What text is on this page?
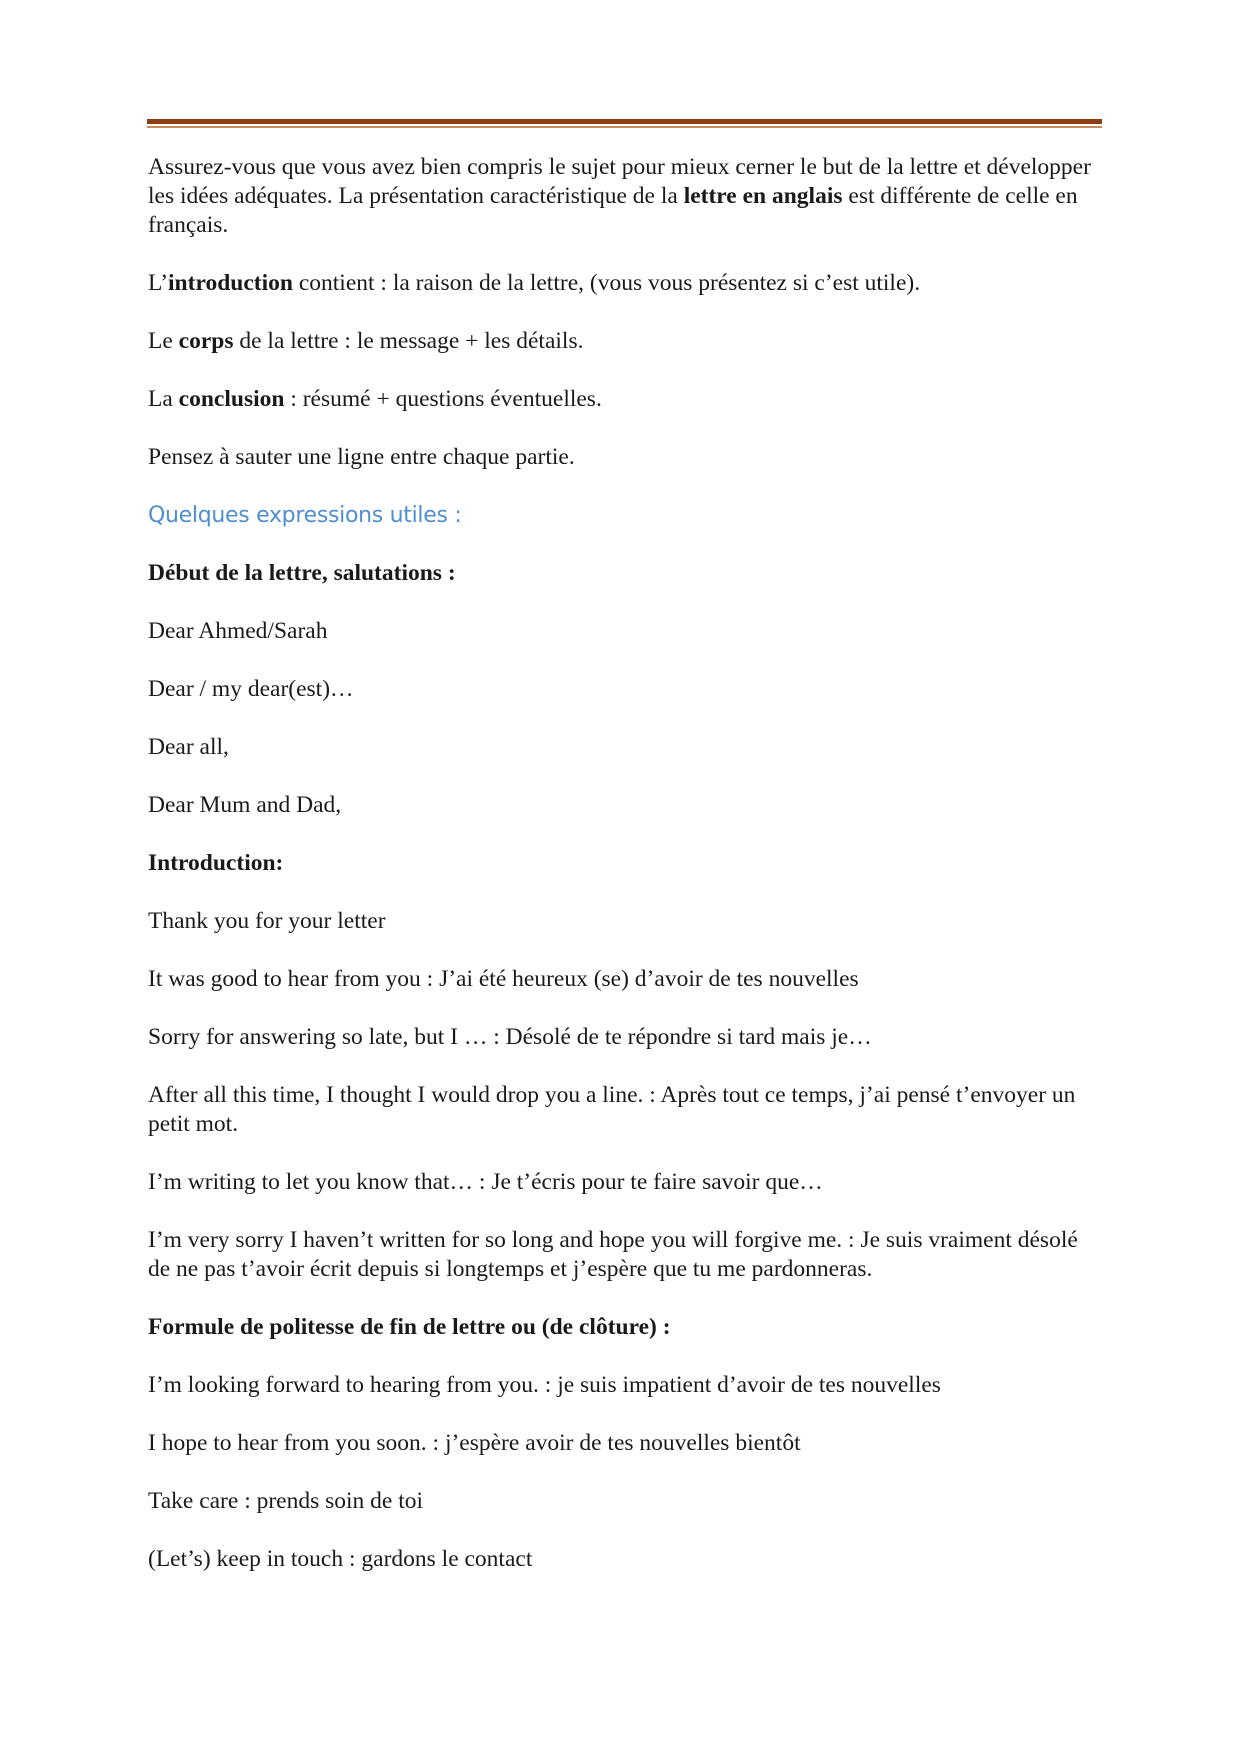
Assurez-vous que vous avez bien compris le sujet pour mieux cerner le but de la lettre et développer les idées adéquates. La présentation caractéristique de la lettre en anglais est différente de celle en français.

L’introduction contient : la raison de la lettre, (vous vous présentez si c’est utile).

Le corps de la lettre : le message + les détails.

La conclusion : résumé + questions éventuelles.

Pensez à sauter une ligne entre chaque partie.

Quelques expressions utiles :

Début de la lettre, salutations :

Dear Ahmed/Sarah

Dear / my dear(est)…

Dear all,

Dear Mum and Dad,

Introduction:

Thank you for your letter

It was good to hear from you : J’ai été heureux (se) d’avoir de tes nouvelles

Sorry for answering so late, but I … : Désolé de te répondre si tard mais je…

After all this time, I thought I would drop you a line. : Après tout ce temps, j’ai pensé t’envoyer un petit mot.

I’m writing to let you know that… : Je t’écris pour te faire savoir que…

I’m very sorry I haven’t written for so long and hope you will forgive me. : Je suis vraiment désolé de ne pas t’avoir écrit depuis si longtemps et j’espère que tu me pardonneras.

Formule de politesse de fin de lettre ou (de clôture) :

I’m looking forward to hearing from you. : je suis impatient d’avoir de tes nouvelles

I hope to hear from you soon. : j’espère avoir de tes nouvelles bientôt

Take care : prends soin de toi

(Let’s) keep in touch : gardons le contact
